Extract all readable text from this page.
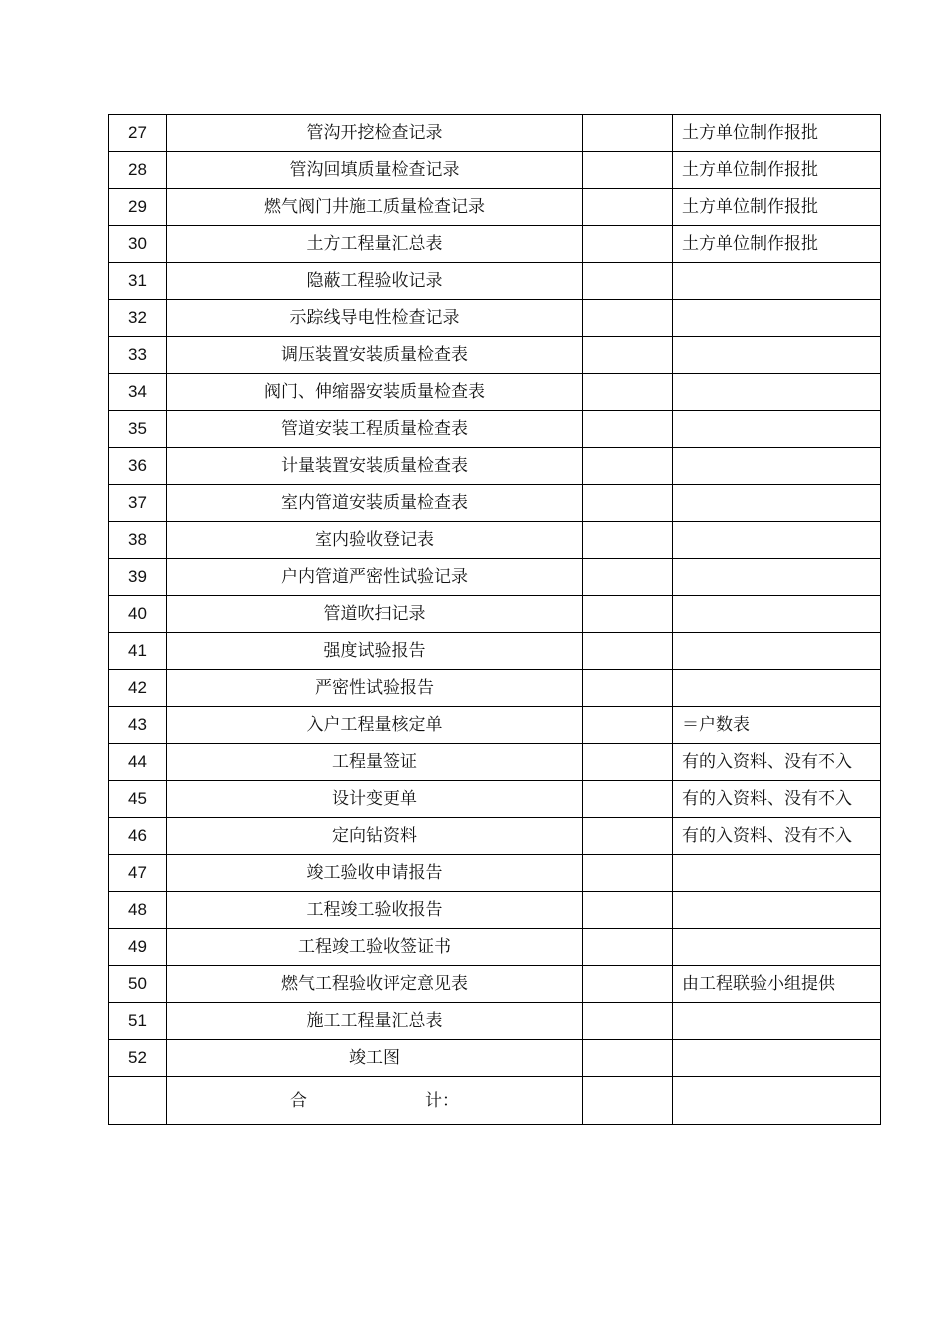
27	管沟开挖检查记录		土方单位制作报批
28	管沟回填质量检查记录		土方单位制作报批
29	燃气阀门井施工质量检查记录		土方单位制作报批
30	土方工程量汇总表		土方单位制作报批
31	隐蔽工程验收记录		
32	示踪线导电性检查记录		
33	调压装置安装质量检查表		
34	阀门、伸缩器安装质量检查表		
35	管道安装工程质量检查表		
36	计量装置安装质量检查表		
37	室内管道安装质量检查表		
38	室内验收登记表		
39	户内管道严密性试验记录		
40	管道吹扫记录		
41	强度试验报告		
42	严密性试验报告		
43	入户工程量核定单		＝户数表
44	工程量签证		有的入资料、没有不入
45	设计变更单		有的入资料、没有不入
46	定向钻资料		有的入资料、没有不入
47	竣工验收申请报告		
48	工程竣工验收报告		
49	工程竣工验收签证书		
50	燃气工程验收评定意见表		由工程联验小组提供
51	施工工程量汇总表		
52	竣工图		
	合 计：		
